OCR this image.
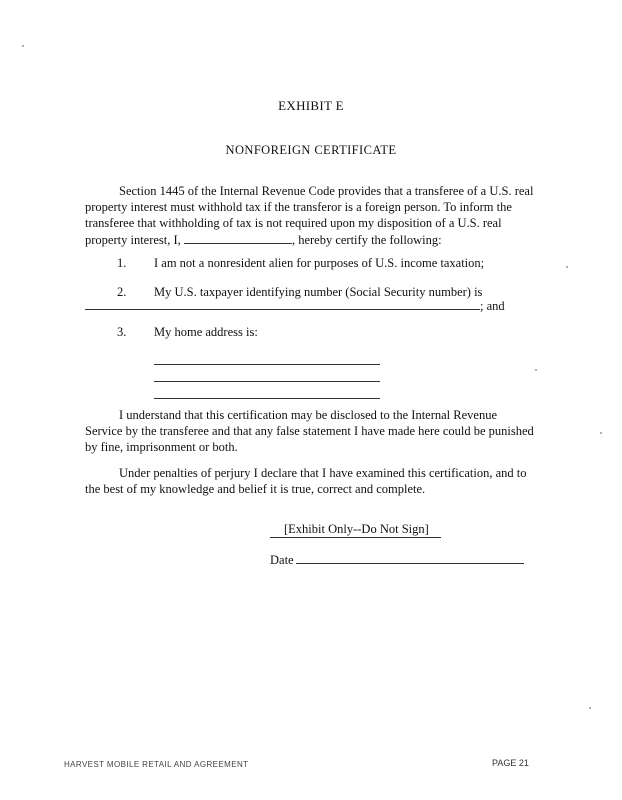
EXHIBIT E
NONFOREIGN CERTIFICATE

Section 1445 of the Internal Revenue Code provides that a transferee of a U.S. real property interest must withhold tax if the transferor is a foreign person. To inform the transferee that withholding of tax is not required upon my disposition of a U.S. real property interest, I,	, hereby certify the following:

1. I am not a nonresident alien for purposes of U.S. income taxation;
2. My U.S. taxpayer identifying number (Social Security number) is
; and
3. My home address is:

I understand that this certification may be disclosed to the Internal Revenue Service by the transferee and that any false statement I have made here could be punished by fine, imprisonment or both.

Under penalties of perjury I declare that I have examined this certification, and to the best of my knowledge and belief it is true, correct and complete.

[Exhibit Only--Do Not Sign]
Date
HARVEST MOBILE RETAIL AND AGREEMENT	PAGE 21
